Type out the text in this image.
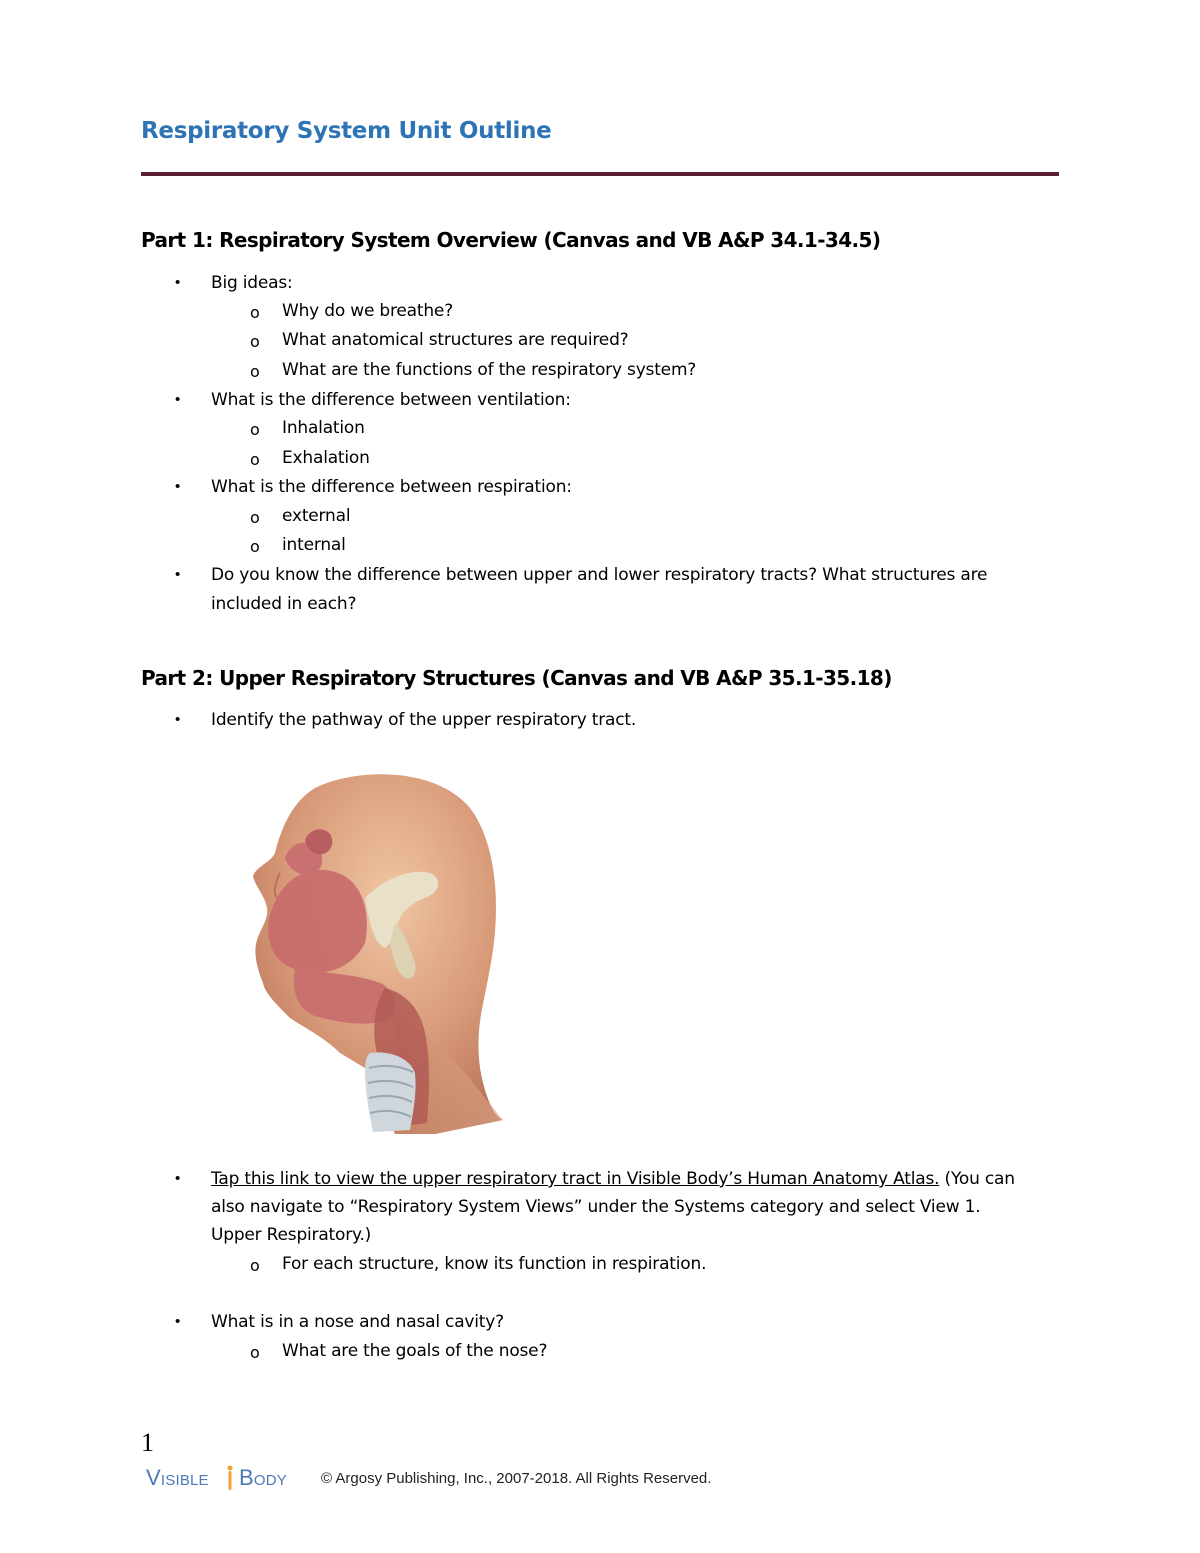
Respiratory System Unit Outline
Part 1: Respiratory System Overview (Canvas and VB A&P 34.1-34.5)
• Big ideas:
o Why do we breathe?
o What anatomical structures are required?
o What are the functions of the respiratory system?
• What is the difference between ventilation:
o Inhalation
o Exhalation
• What is the difference between respiration:
o external
o internal
• Do you know the difference between upper and lower respiratory tracts? What structures are
included in each?
Part 2: Upper Respiratory Structures (Canvas and VB A&P 35.1-35.18)
• Identify the pathway of the upper respiratory tract.
• Tap this link to view the upper respiratory tract in Visible Body’s Human Anatomy Atlas. (You can
also navigate to “Respiratory System Views” under the Systems category and select View 1.
Upper Respiratory.)
o For each structure, know its function in respiration.
• What is in a nose and nasal cavity?
o What are the goals of the nose?
1
Visible Body © Argosy Publishing, Inc., 2007-2018. All Rights Reserved.
